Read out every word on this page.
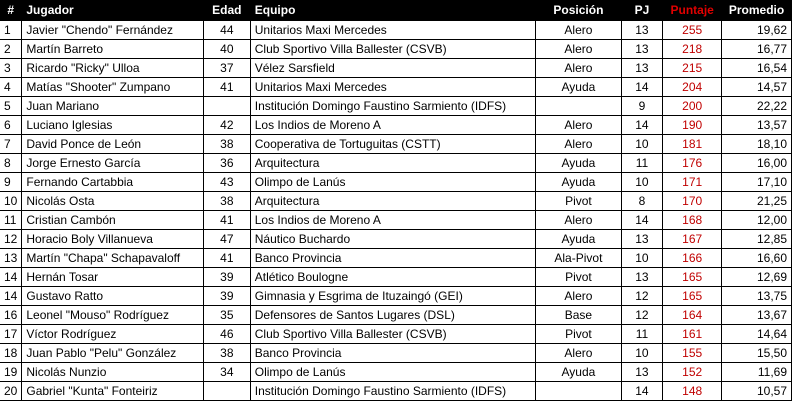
#	Jugador	Edad	Equipo	Posición	PJ	Puntaje	Promedio
1	Javier "Chendo" Fernández	44	Unitarios Maxi Mercedes	Alero	13	255	19,62
2	Martín Barreto	40	Club Sportivo Villa Ballester (CSVB)	Alero	13	218	16,77
3	Ricardo "Ricky" Ulloa	37	Vélez Sarsfield	Alero	13	215	16,54
4	Matías "Shooter" Zumpano	41	Unitarios Maxi Mercedes	Ayuda	14	204	14,57
5	Juan Mariano		Institución Domingo Faustino Sarmiento (IDFS)		9	200	22,22
6	Luciano Iglesias	42	Los Indios de Moreno A	Alero	14	190	13,57
7	David Ponce de León	38	Cooperativa de Tortuguitas (CSTT)	Alero	10	181	18,10
8	Jorge Ernesto García	36	Arquitectura	Ayuda	11	176	16,00
9	Fernando Cartabbia	43	Olimpo de Lanús	Ayuda	10	171	17,10
10	Nicolás Osta	38	Arquitectura	Pivot	8	170	21,25
11	Cristian Cambón	41	Los Indios de Moreno A	Alero	14	168	12,00
12	Horacio Boly Villanueva	47	Náutico Buchardo	Ayuda	13	167	12,85
13	Martín "Chapa" Schapavaloff	41	Banco Provincia	Ala-Pivot	10	166	16,60
14	Hernán Tosar	39	Atlético Boulogne	Pivot	13	165	12,69
14	Gustavo Ratto	39	Gimnasia y Esgrima de Ituzaingó (GEI)	Alero	12	165	13,75
16	Leonel "Mouso" Rodríguez	35	Defensores de Santos Lugares (DSL)	Base	12	164	13,67
17	Víctor Rodríguez	46	Club Sportivo Villa Ballester (CSVB)	Pivot	11	161	14,64
18	Juan Pablo "Pelu" González	38	Banco Provincia	Alero	10	155	15,50
19	Nicolás Nunzio	34	Olimpo de Lanús	Ayuda	13	152	11,69
20	Gabriel "Kunta" Fonteiriz		Institución Domingo Faustino Sarmiento (IDFS)		14	148	10,57
